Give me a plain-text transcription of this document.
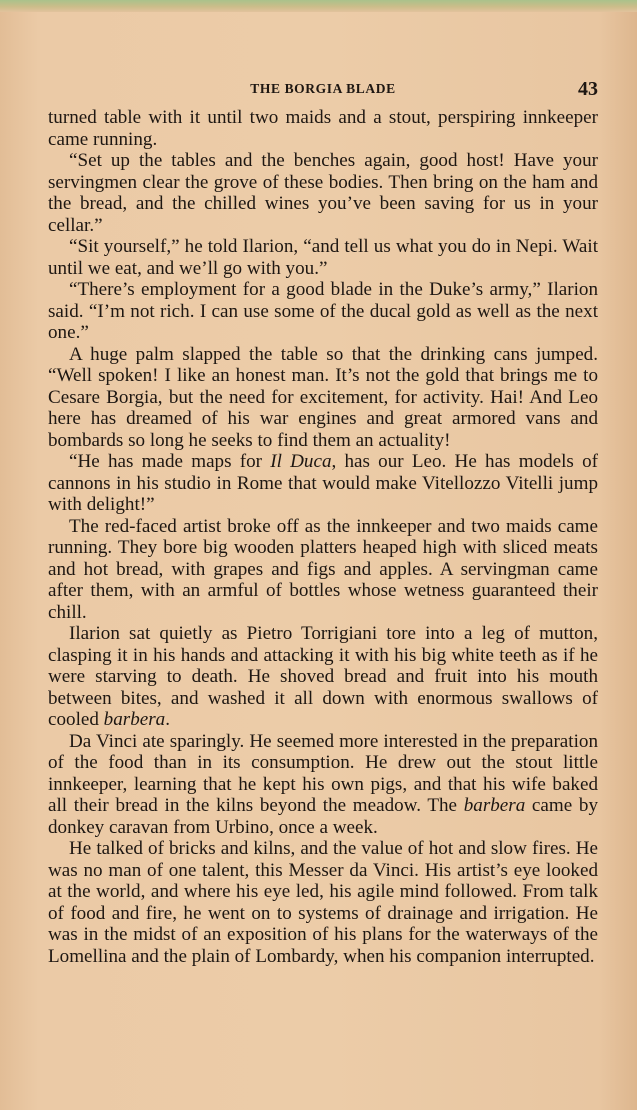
THE BORGIA BLADE	43

turned table with it until two maids and a stout, perspiring innkeeper came running.

“Set up the tables and the benches again, good host! Have your servingmen clear the grove of these bodies. Then bring on the ham and the bread, and the chilled wines you’ve been saving for us in your cellar.”

“Sit yourself,” he told Ilarion, “and tell us what you do in Nepi. Wait until we eat, and we’ll go with you.”

“There’s employment for a good blade in the Duke’s army,” Ilarion said. “I’m not rich. I can use some of the ducal gold as well as the next one.”

A huge palm slapped the table so that the drinking cans jumped. “Well spoken! I like an honest man. It’s not the gold that brings me to Cesare Borgia, but the need for excitement, for activity. Hai! And Leo here has dreamed of his war engines and great armored vans and bombards so long he seeks to find them an actuality!

“He has made maps for Il Duca, has our Leo. He has models of cannons in his studio in Rome that would make Vitellozzo Vitelli jump with delight!”

The red-faced artist broke off as the innkeeper and two maids came running. They bore big wooden platters heaped high with sliced meats and hot bread, with grapes and figs and apples. A servingman came after them, with an armful of bottles whose wetness guaranteed their chill.

Ilarion sat quietly as Pietro Torrigiani tore into a leg of mutton, clasping it in his hands and attacking it with his big white teeth as if he were starving to death. He shoved bread and fruit into his mouth between bites, and washed it all down with enormous swallows of cooled barbera.

Da Vinci ate sparingly. He seemed more interested in the preparation of the food than in its consumption. He drew out the stout little innkeeper, learning that he kept his own pigs, and that his wife baked all their bread in the kilns beyond the meadow. The barbera came by donkey caravan from Urbino, once a week.

He talked of bricks and kilns, and the value of hot and slow fires. He was no man of one talent, this Messer da Vinci. His artist’s eye looked at the world, and where his eye led, his agile mind followed. From talk of food and fire, he went on to systems of drainage and irrigation. He was in the midst of an exposition of his plans for the waterways of the Lomellina and the plain of Lombardy, when his companion interrupted.
